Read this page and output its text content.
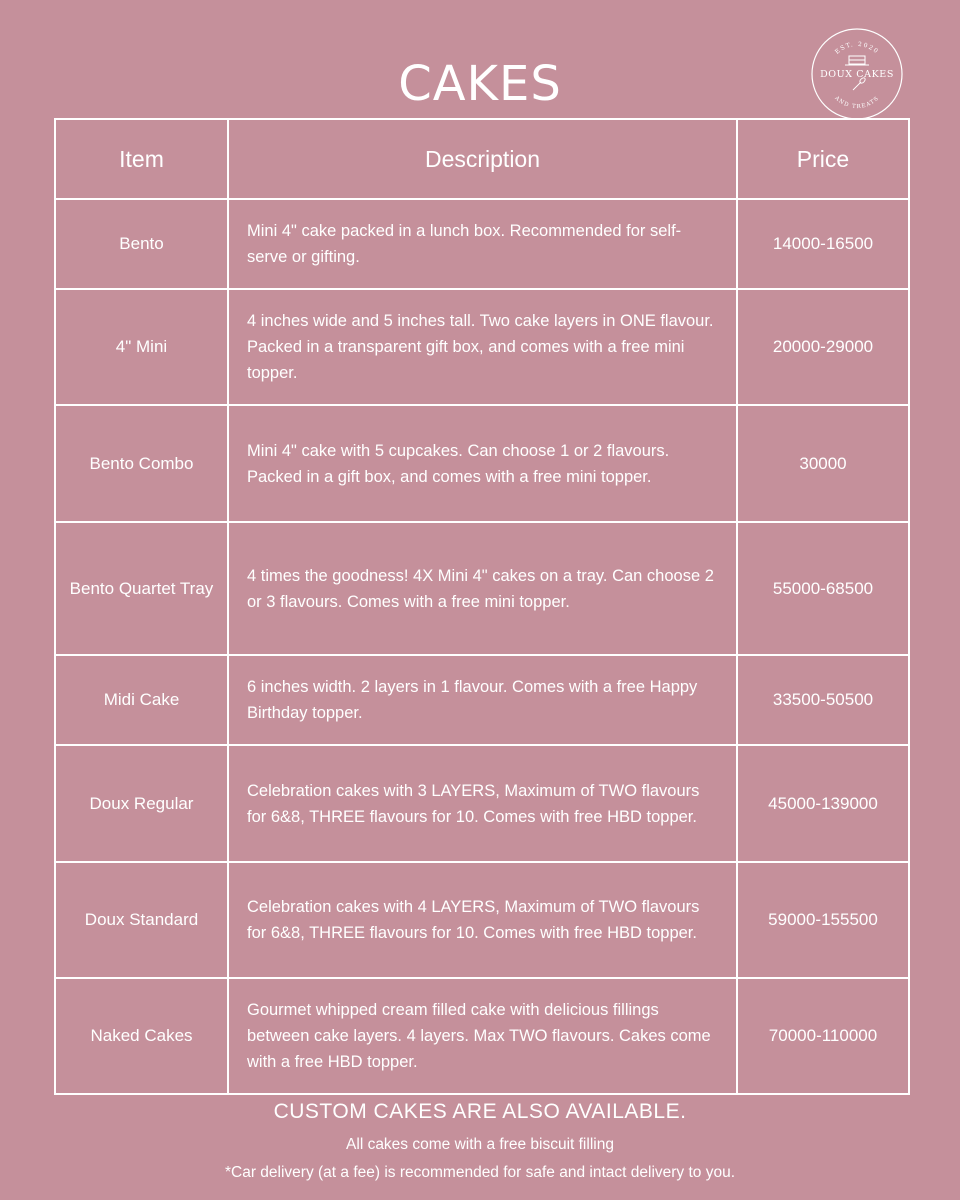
CAKES
EST. 2020
DOUX CAKES
AND TREATS
Item	Description	Price
Bento	Mini 4" cake packed in a lunch box. Recommended for self-serve or gifting.	14000-16500
4" Mini	4 inches wide and 5 inches tall. Two cake layers in ONE flavour. Packed in a transparent gift box, and comes with a free mini topper.	20000-29000
Bento Combo	Mini 4" cake with 5 cupcakes. Can choose 1 or 2 flavours. Packed in a gift box, and comes with a free mini topper.	30000
Bento Quartet Tray	4 times the goodness! 4X Mini 4" cakes on a tray. Can choose 2 or 3 flavours. Comes with a free mini topper.	55000-68500
Midi Cake	6 inches width. 2 layers in 1 flavour. Comes with a free Happy Birthday topper.	33500-50500
Doux Regular	Celebration cakes with 3 LAYERS, Maximum of TWO flavours for 6&8, THREE flavours for 10. Comes with free HBD topper.	45000-139000
Doux Standard	Celebration cakes with 4 LAYERS, Maximum of TWO flavours for 6&8, THREE flavours for 10. Comes with free HBD topper.	59000-155500
Naked Cakes	Gourmet whipped cream filled cake with delicious fillings between cake layers. 4 layers. Max TWO flavours. Cakes come with a free HBD topper.	70000-110000
CUSTOM CAKES ARE ALSO AVAILABLE.
All cakes come with a free biscuit filling
*Car delivery (at a fee) is recommended for safe and intact delivery to you.
